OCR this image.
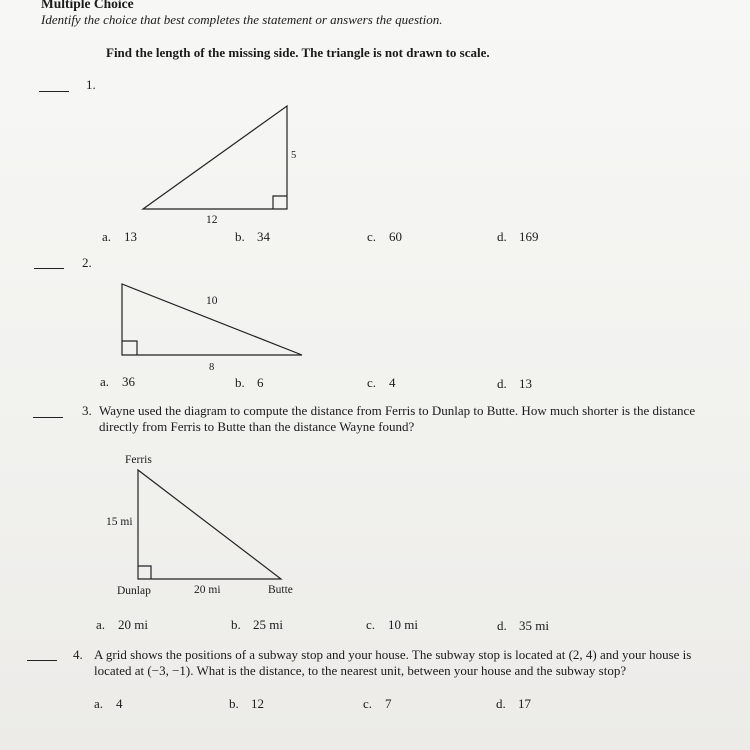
Multiple Choice
Identify the choice that best completes the statement or answers the question.
Find the length of the missing side. The triangle is not drawn to scale.
1.
5
12
a. 13	b. 34	c. 60	d. 169
2.
10
8
a. 36	b. 6	c. 4	d. 13
3. Wayne used the diagram to compute the distance from Ferris to Dunlap to Butte. How much shorter is the distance directly from Ferris to Butte than the distance Wayne found?
Ferris
15 mi
Dunlap	20 mi	Butte
a. 20 mi	b. 25 mi	c. 10 mi	d. 35 mi
4. A grid shows the positions of a subway stop and your house. The subway stop is located at (2, 4) and your house is located at (−3, −1). What is the distance, to the nearest unit, between your house and the subway stop?
a. 4	b. 12	c. 7	d. 17
